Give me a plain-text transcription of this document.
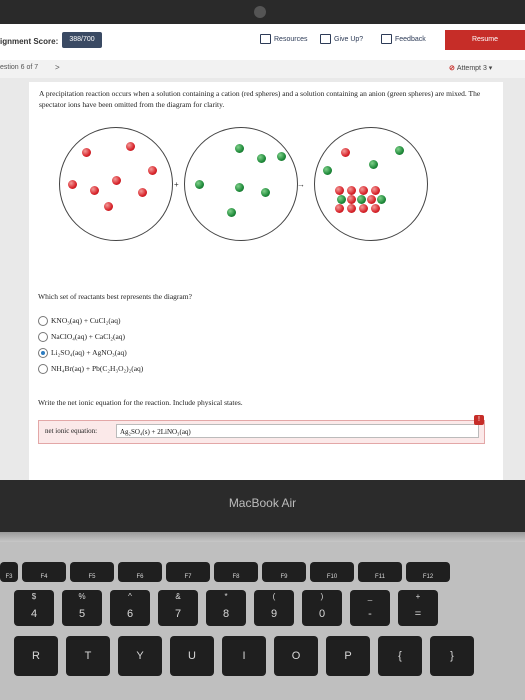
ignment Score:	388/700	Resources	Give Up?	Feedback	Resume
estion 6 of 7 >	⊘ Attempt 3 ▾
A precipitation reaction occurs when a solution containing a cation (red spheres) and a solution containing an anion (green spheres) are mixed. The spectator ions have been omitted from the diagram for clarity.
+	→
Which set of reactants best represents the diagram?
KNO₃(aq) + CuCl₂(aq)
NaClO₄(aq) + CaCl₂(aq)
Li₂SO₄(aq) + AgNO₃(aq)
NH₄Br(aq) + Pb(C₂H₃O₂)₂(aq)
Write the net ionic equation for the reaction. Include physical states.
net ionic equation:	Ag₂SO₄(s) + 2LiNO₃(aq)
!
MacBook Air
F3	F4	F5	F6	F7	F8	F9	F10	F11	F12
$
4
%
5
^
6
&
7
*
8
(
9
)
0
_
-
+
=
R	T	Y	U	I	O	P	{	}
